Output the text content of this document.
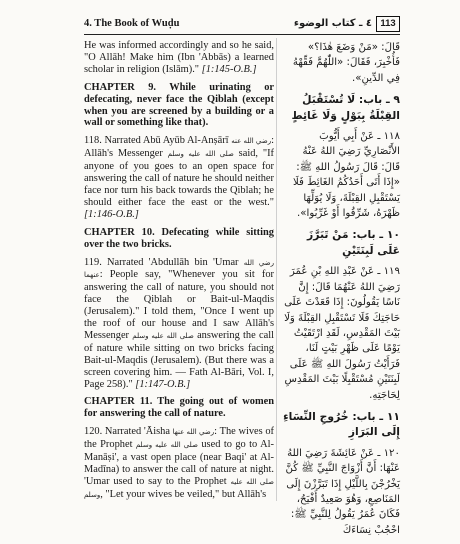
4. The Book of Wuḍu	٤ ـ كتاب الوضوء 113

He was informed accordingly and so he said, "O Allāh! Make him (Ibn 'Abbās) a learned scholar in religion (Islām)." [1:145-O.B.]

CHAPTER 9. While urinating or defecating, never face the Qiblah (except when you are screened by a building or a wall or something like that).

118. Narrated Abū Ayūb Al-Anṣārī رضي الله عنه: Allāh's Messenger صلى الله عليه وسلم said, "If anyone of you goes to an open space for answering the call of nature he should neither face nor turn his back towards the Qiblah; he should either face the east or the west." [1:146-O.B.]

CHAPTER 10. Defecating while sitting over the two bricks.

119. Narrated 'Abdullāh bin 'Umar رضي الله عنهما: People say, "Whenever you sit for answering the call of nature, you should not face the Qiblah or Bait-ul-Maqdis (Jerusalem)." I told them, "Once I went up the roof of our house and I saw Allāh's Messenger صلى الله عليه وسلم answering the call of nature while sitting on two bricks facing Bait-ul-Maqdis (Jerusalem). (But there was a screen covering him. — Fath Al-Bāri, Vol. I, Page 258)." [1:147-O.B.]

CHAPTER 11. The going out of women for answering the call of nature.

120. Narrated 'Āisha رضي الله عنها: The wives of the Prophet صلى الله عليه وسلم used to go to Al-Manāṣi', a vast open place (near Baqi' at Al-Madīna) to answer the call of nature at night. 'Umar used to say to the Prophet صلى الله عليه وسلم, "Let your wives be veiled," but Allāh's

قَالَ: «مَنْ وَضَعَ هٰذَا؟» فَأُخْبِرَ، فَقَالَ: «اللّٰهُمَّ فَقِّهْهُ فِي الدِّينِ».

٩ ـ باب: لَا تُسْتَقْبَلُ القِبْلَةُ بِبَوْلٍ وَلَا غَائِطٍ

١١٨ ـ عَنْ أَبِي أَيُّوبَ الأَنْصَارِيِّ رَضِيَ اللهُ عَنْهُ قَالَ: قَالَ رَسُولُ اللهِ ﷺ: «إِذَا أَتَى أَحَدُكُمُ الغَائِطَ فَلَا يَسْتَقْبِلِ القِبْلَةَ، وَلَا يُوَلِّهَا ظَهْرَهُ، شَرِّقُوا أَوْ غَرِّبُوا».

١٠ ـ باب: مَنْ تَبَرَّزَ عَلَى لَبِنَتَيْنِ

١١٩ ـ عَنْ عَبْدِ اللهِ بْنِ عُمَرَ رَضِيَ اللهُ عَنْهُمَا قَالَ: إِنَّ نَاسًا يَقُولُونَ: إِذَا قَعَدْتَ عَلَى حَاجَتِكَ فَلَا تَسْتَقْبِلِ القِبْلَةَ وَلَا بَيْتَ المَقْدِسِ، لَقَدِ ارْتَقَيْتُ يَوْمًا عَلَى ظَهْرِ بَيْتٍ لَنَا، فَرَأَيْتُ رَسُولَ اللهِ ﷺ عَلَى لَبِنَتَيْنِ مُسْتَقْبِلًا بَيْتَ المَقْدِسِ لِحَاجَتِهِ.

١١ ـ باب: خُرُوجِ النِّسَاءِ إِلَى البَرَازِ

١٢٠ ـ عَنْ عَائِشَةَ رَضِيَ اللهُ عَنْهَا: أَنَّ أَزْوَاجَ النَّبِيِّ ﷺ كُنَّ يَخْرُجْنَ بِاللَّيْلِ إِذَا تَبَرَّزْنَ إِلَى المَنَاصِعِ، وَهُوَ صَعِيدٌ أَفْيَحُ، فَكَانَ عُمَرُ يَقُولُ لِلنَّبِيِّ ﷺ: احْجُبْ نِسَاءَكَ
